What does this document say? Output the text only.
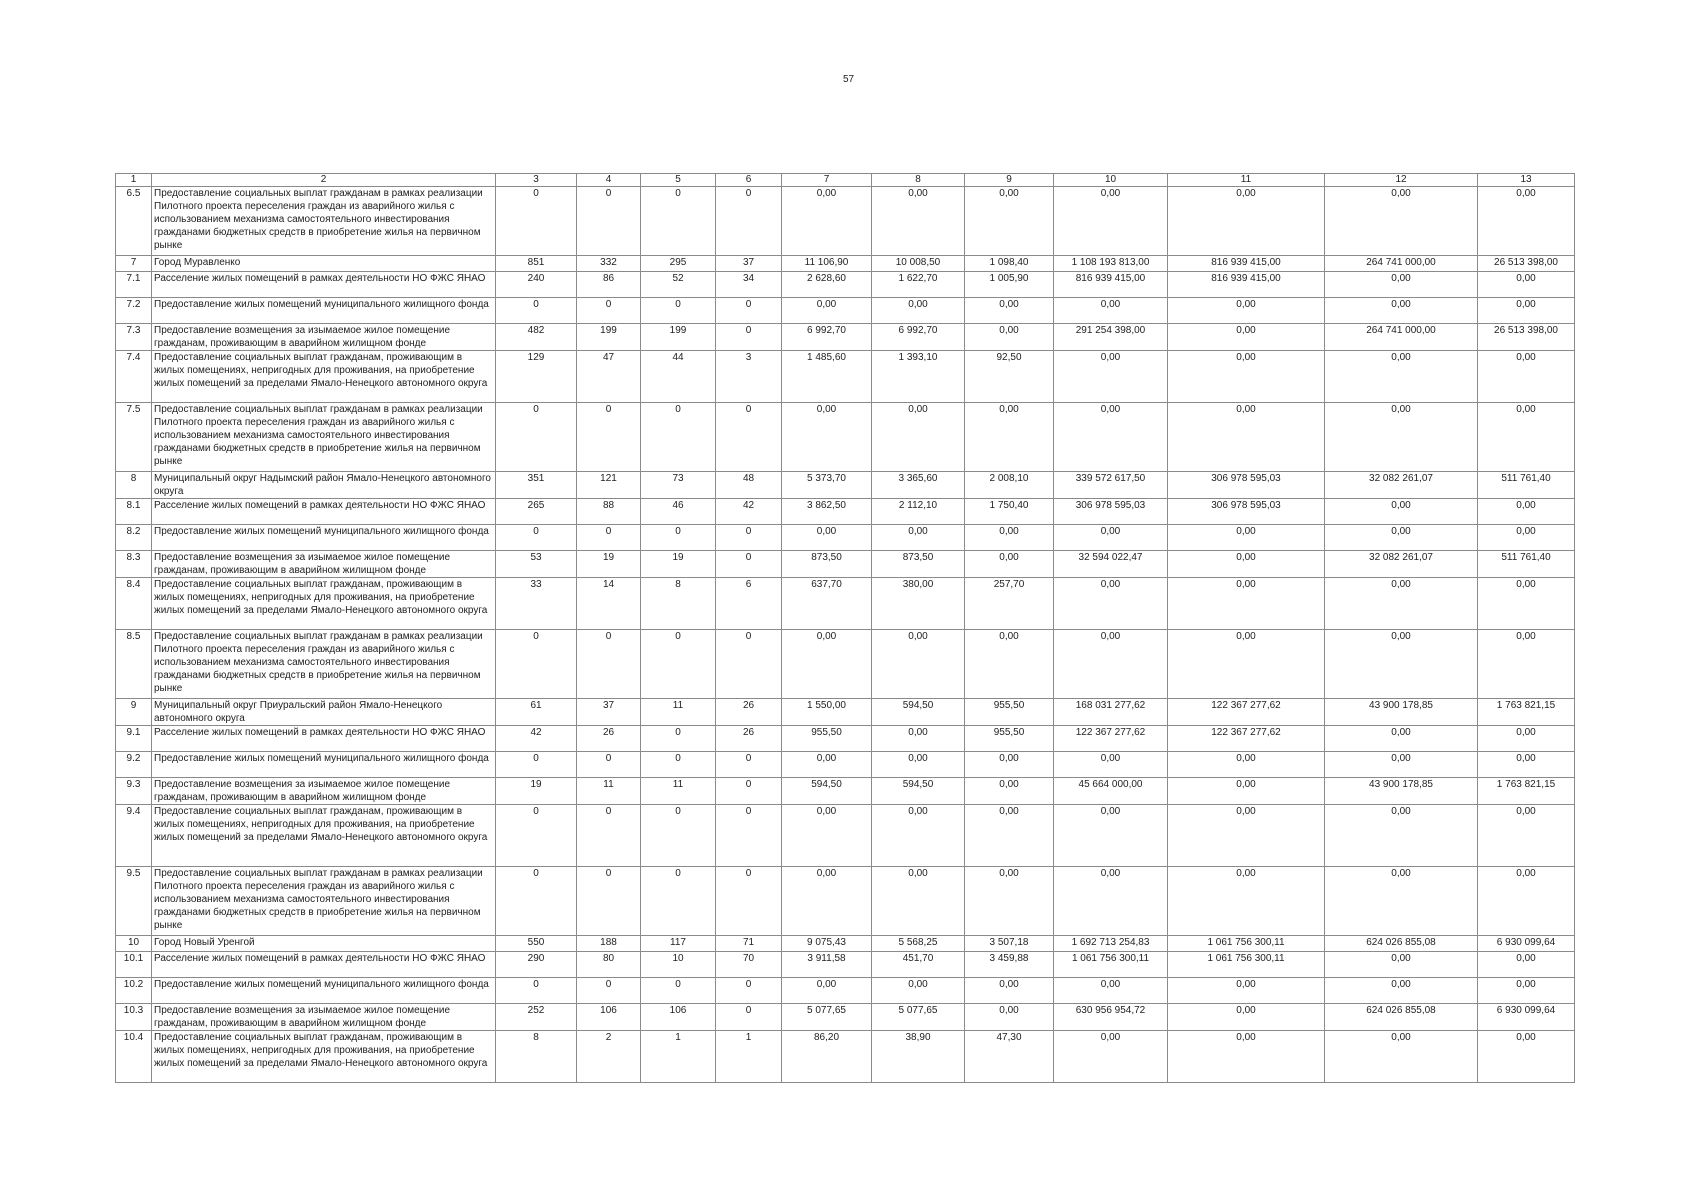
57
1	2	3	4	5	6	7	8	9	10	11	12	13
6.5	Предоставление социальных выплат гражданам в рамках реализации Пилотного проекта переселения граждан из аварийного жилья с использованием механизма самостоятельного инвестирования гражданами бюджетных средств в приобретение жилья на первичном рынке	0	0	0	0	0,00	0,00	0,00	0,00	0,00	0,00	0,00
7	Город Муравленко	851	332	295	37	11 106,90	10 008,50	1 098,40	1 108 193 813,00	816 939 415,00	264 741 000,00	26 513 398,00
7.1	Расселение жилых помещений в рамках деятельности НО ФЖС ЯНАО	240	86	52	34	2 628,60	1 622,70	1 005,90	816 939 415,00	816 939 415,00	0,00	0,00
7.2	Предоставление жилых помещений муниципального жилищного фонда	0	0	0	0	0,00	0,00	0,00	0,00	0,00	0,00	0,00
7.3	Предоставление возмещения за изымаемое жилое помещение гражданам, проживающим в аварийном жилищном фонде	482	199	199	0	6 992,70	6 992,70	0,00	291 254 398,00	0,00	264 741 000,00	26 513 398,00
7.4	Предоставление социальных выплат гражданам, проживающим в жилых помещениях, непригодных для проживания, на приобретение жилых помещений за пределами Ямало-Ненецкого автономного округа	129	47	44	3	1 485,60	1 393,10	92,50	0,00	0,00	0,00	0,00
7.5	Предоставление социальных выплат гражданам в рамках реализации Пилотного проекта переселения граждан из аварийного жилья с использованием механизма самостоятельного инвестирования гражданами бюджетных средств в приобретение жилья на первичном рынке	0	0	0	0	0,00	0,00	0,00	0,00	0,00	0,00	0,00
8	Муниципальный округ Надымский район Ямало-Ненецкого автономного округа	351	121	73	48	5 373,70	3 365,60	2 008,10	339 572 617,50	306 978 595,03	32 082 261,07	511 761,40
8.1	Расселение жилых помещений в рамках деятельности НО ФЖС ЯНАО	265	88	46	42	3 862,50	2 112,10	1 750,40	306 978 595,03	306 978 595,03	0,00	0,00
8.2	Предоставление жилых помещений муниципального жилищного фонда	0	0	0	0	0,00	0,00	0,00	0,00	0,00	0,00	0,00
8.3	Предоставление возмещения за изымаемое жилое помещение гражданам, проживающим в аварийном жилищном фонде	53	19	19	0	873,50	873,50	0,00	32 594 022,47	0,00	32 082 261,07	511 761,40
8.4	Предоставление социальных выплат гражданам, проживающим в жилых помещениях, непригодных для проживания, на приобретение жилых помещений за пределами Ямало-Ненецкого автономного округа	33	14	8	6	637,70	380,00	257,70	0,00	0,00	0,00	0,00
8.5	Предоставление социальных выплат гражданам в рамках реализации Пилотного проекта переселения граждан из аварийного жилья с использованием механизма самостоятельного инвестирования гражданами бюджетных средств в приобретение жилья на первичном рынке	0	0	0	0	0,00	0,00	0,00	0,00	0,00	0,00	0,00
9	Муниципальный округ Приуральский район Ямало-Ненецкого автономного округа	61	37	11	26	1 550,00	594,50	955,50	168 031 277,62	122 367 277,62	43 900 178,85	1 763 821,15
9.1	Расселение жилых помещений в рамках деятельности НО ФЖС ЯНАО	42	26	0	26	955,50	0,00	955,50	122 367 277,62	122 367 277,62	0,00	0,00
9.2	Предоставление жилых помещений муниципального жилищного фонда	0	0	0	0	0,00	0,00	0,00	0,00	0,00	0,00	0,00
9.3	Предоставление возмещения за изымаемое жилое помещение гражданам, проживающим в аварийном жилищном фонде	19	11	11	0	594,50	594,50	0,00	45 664 000,00	0,00	43 900 178,85	1 763 821,15
9.4	Предоставление социальных выплат гражданам, проживающим в жилых помещениях, непригодных для проживания, на приобретение жилых помещений за пределами Ямало-Ненецкого автономного округа	0	0	0	0	0,00	0,00	0,00	0,00	0,00	0,00	0,00
9.5	Предоставление социальных выплат гражданам в рамках реализации Пилотного проекта переселения граждан из аварийного жилья с использованием механизма самостоятельного инвестирования гражданами бюджетных средств в приобретение жилья на первичном рынке	0	0	0	0	0,00	0,00	0,00	0,00	0,00	0,00	0,00
10	Город Новый Уренгой	550	188	117	71	9 075,43	5 568,25	3 507,18	1 692 713 254,83	1 061 756 300,11	624 026 855,08	6 930 099,64
10.1	Расселение жилых помещений в рамках деятельности НО ФЖС ЯНАО	290	80	10	70	3 911,58	451,70	3 459,88	1 061 756 300,11	1 061 756 300,11	0,00	0,00
10.2	Предоставление жилых помещений муниципального жилищного фонда	0	0	0	0	0,00	0,00	0,00	0,00	0,00	0,00	0,00
10.3	Предоставление возмещения за изымаемое жилое помещение гражданам, проживающим в аварийном жилищном фонде	252	106	106	0	5 077,65	5 077,65	0,00	630 956 954,72	0,00	624 026 855,08	6 930 099,64
10.4	Предоставление социальных выплат гражданам, проживающим в жилых помещениях, непригодных для проживания, на приобретение жилых помещений за пределами Ямало-Ненецкого автономного округа	8	2	1	1	86,20	38,90	47,30	0,00	0,00	0,00	0,00
